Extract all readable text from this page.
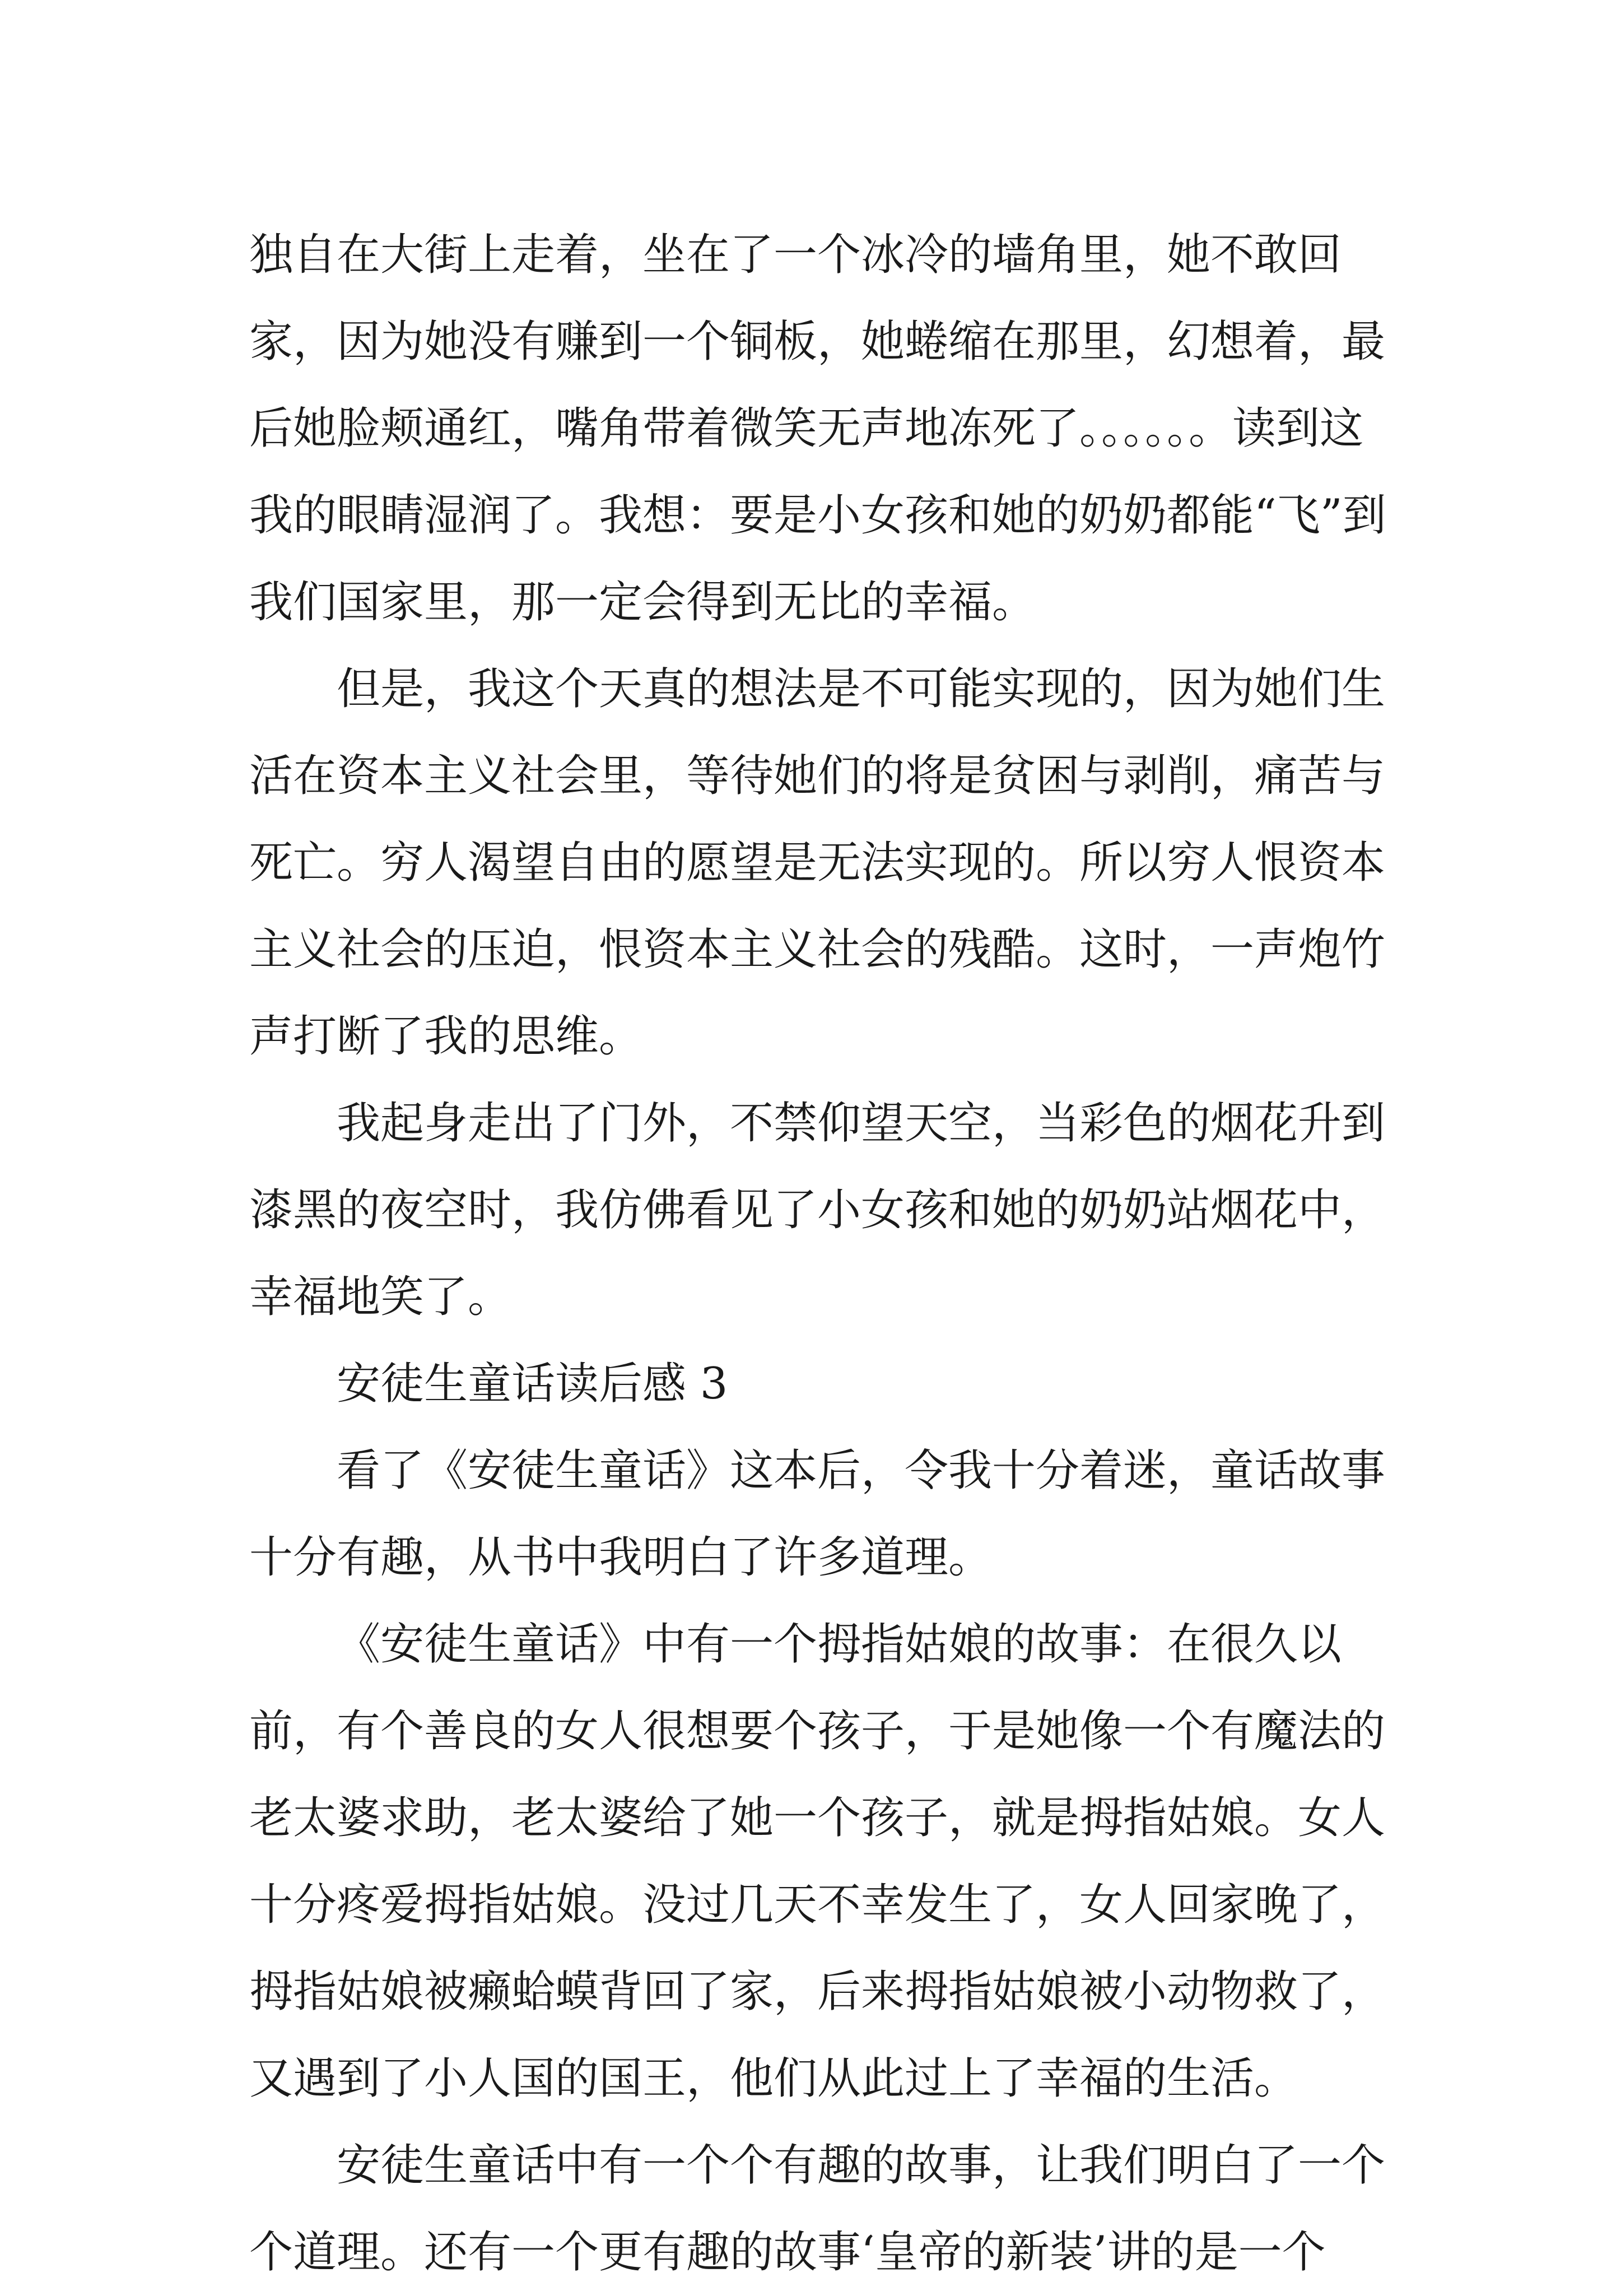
独自在大街上走着，坐在了一个冰冷的墙角里，她不敢回家，因为她没有赚到一个铜板，她蜷缩在那里，幻想着，最后她脸颊通红，嘴角带着微笑无声地冻死了。。。。。。读到这我的眼睛湿润了。我想：要是小女孩和她的奶奶都能“飞”到我们国家里，那一定会得到无比的幸福。

但是，我这个天真的想法是不可能实现的，因为她们生活在资本主义社会里，等待她们的将是贫困与剥削，痛苦与死亡。穷人渴望自由的愿望是无法实现的。所以穷人恨资本主义社会的压迫，恨资本主义社会的残酷。这时，一声炮竹声打断了我的思维。

我起身走出了门外，不禁仰望天空，当彩色的烟花升到漆黑的夜空时，我仿佛看见了小女孩和她的奶奶站烟花中，幸福地笑了。

安徒生童话读后感 3

看了《安徒生童话》这本后，令我十分着迷，童话故事十分有趣，从书中我明白了许多道理。

《安徒生童话》中有一个拇指姑娘的故事：在很久以前，有个善良的女人很想要个孩子，于是她像一个有魔法的老太婆求助，老太婆给了她一个孩子，就是拇指姑娘。女人十分疼爱拇指姑娘。没过几天不幸发生了，女人回家晚了，拇指姑娘被癞蛤蟆背回了家，后来拇指姑娘被小动物救了，又遇到了小人国的国王，他们从此过上了幸福的生活。

安徒生童话中有一个个有趣的故事，让我们明白了一个个道理。还有一个更有趣的故事‘皇帝的新装’讲的是一个
